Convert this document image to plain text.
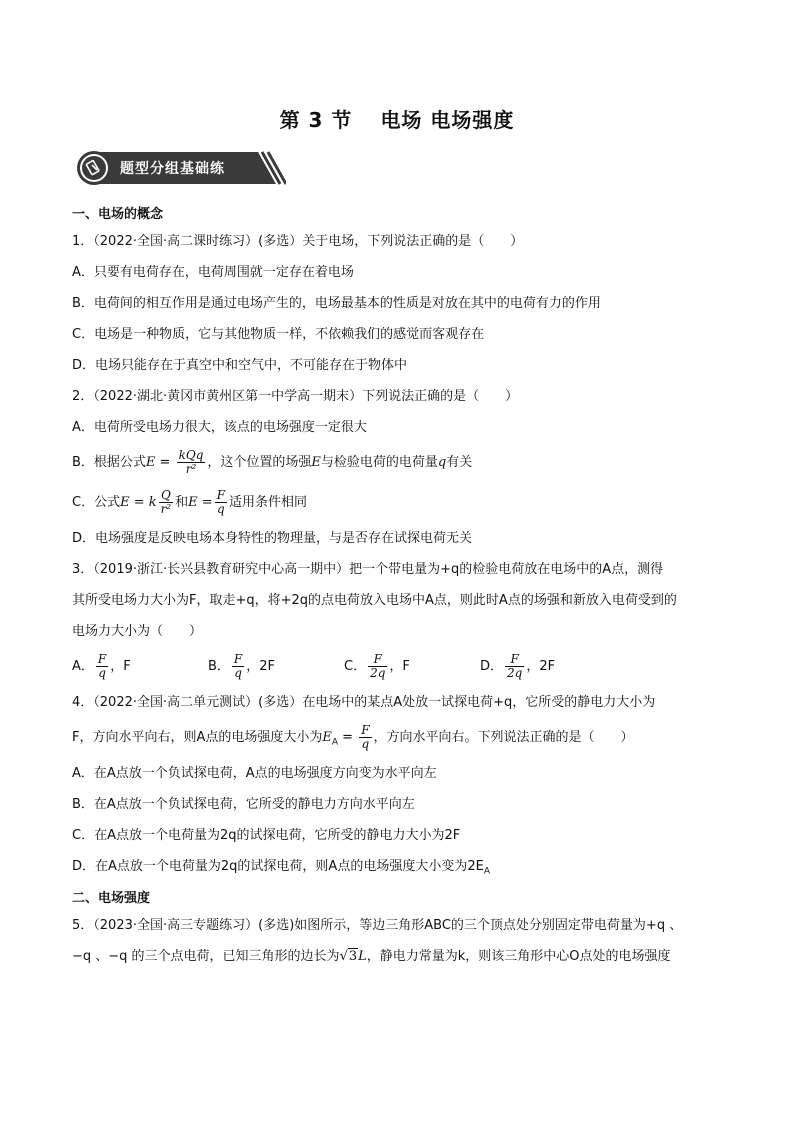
第 3 节 电场 电场强度
题型分组基础练
一、电场的概念
1．（2022·全国·高二课时练习）(多选）关于电场，下列说法正确的是（　　）
A．只要有电荷存在，电荷周围就一定存在着电场
B．电荷间的相互作用是通过电场产生的，电场最基本的性质是对放在其中的电荷有力的作用
C．电场是一种物质，它与其他物质一样，不依赖我们的感觉而客观存在
D．电场只能存在于真空中和空气中，不可能存在于物体中
2．（2022·湖北·黄冈市黄州区第一中学高一期末）下列说法正确的是（　　）
A．电荷所受电场力很大，该点的电场强度一定很大
B．根据公式$E = \frac{\text{kQq}}{\text{r²}}$ ，这个位置的场强E与检验电荷的电荷量q有关
C．公式E = k $\frac{Q}{\text{r²}}$ 和$E = \frac{F}{q}$ 适用条件相同
D．电场强度是反映电场本身特性的物理量，与是否存在试探电荷无关
3．（2019·浙江·长兴县教育研究中心高一期中）把一个带电量为+q的检验电荷放在电场中的A点，测得
其所受电场力大小为F，取走+q，将+2q的点电荷放入电场中A点，则此时A点的场强和新放入电荷受到的
电场力大小为（　　）
A． $\frac{F}{q}$ ，F	B． $\frac{F}{q}$ ，2F	C． $\frac{F}{2q}$ ，F	D． $\frac{F}{2q}$ ，2F
4．（2022·全国·高二单元测试）(多选）在电场中的某点A处放一试探电荷+q，它所受的静电力大小为
F，方向水平向右，则A点的电场强度大小为$E_A = \frac{F}{q}$ ，方向水平向右。下列说法正确的是（　　）
A．在A点放一个负试探电荷，A点的电场强度方向变为水平向左
B．在A点放一个负试探电荷，它所受的静电力方向水平向左
C．在A点放一个电荷量为2q的试探电荷，它所受的静电力大小为2F
D．在A点放一个电荷量为2q的试探电荷，则A点的电场强度大小变为$2E_A$
二、电场强度
5．（2023·全国·高三专题练习）(多选)如图所示，等边三角形ABC的三个顶点处分别固定带电荷量为+q 、
−q 、−q 的三个点电荷，已知三角形的边长为√3L，静电力常量为k，则该三角形中心O点处的电场强度
